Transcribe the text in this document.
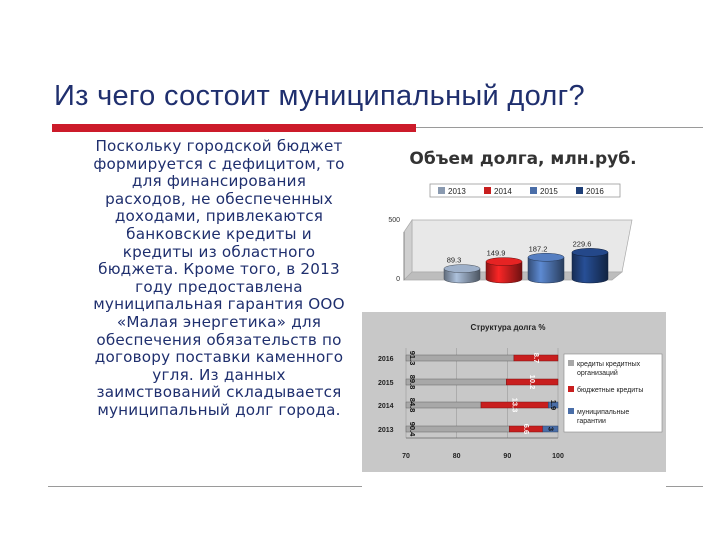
Из чего состоит муниципальный долг?
Поскольку городской бюджет
формируется с дефицитом, то
для финансирования
расходов, не обеспеченных
доходами, привлекаются
банковские кредиты и
кредиты из областного
бюджета. Кроме того, в 2013
году предоставлена
муниципальная гарантия ООО
«Малая энергетика» для
обеспечения обязательств по
договору поставки каменного
угля. Из данных
заимствований складывается
муниципальный долг города.
Объем долга, млн.руб.
2013	2014	2015	2016
500
0
89.3
149.9	187.2
229.6
Структура долга %
кредиты кредитных
организаций
бюджетные кредиты
муниципальные
гарантии
2016 91.3	8.7
2015 89.8	10.2
2014 84.8	13.3	1.9
2013 90.4	6.6 3
70	80	90	100
